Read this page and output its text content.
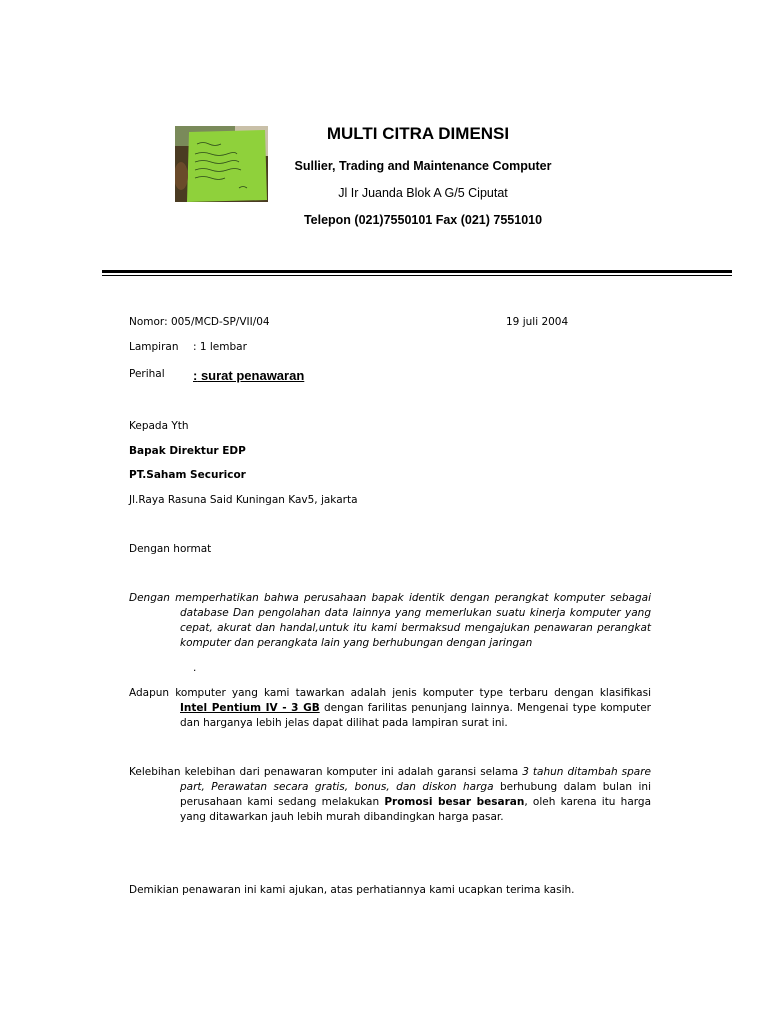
MULTI CITRA DIMENSI
Sullier, Trading and Maintenance Computer
Jl Ir Juanda Blok A G/5 Ciputat
Telepon (021)7550101 Fax (021) 7551010
Nomor: 005/MCD-SP/VII/04	19 juli 2004
Lampiran : 1 lembar
Perihal : surat penawaran
Kepada Yth
Bapak Direktur EDP
PT.Saham Securicor
Jl.Raya Rasuna Said Kuningan Kav5, jakarta
Dengan hormat
Dengan memperhatikan bahwa perusahaan bapak identik dengan perangkat komputer sebagai
database Dan pengolahan data lainnya yang memerlukan suatu kinerja komputer yang cepat, akurat dan handal,untuk itu kami bermaksud mengajukan penawaran perangkat komputer dan perangkata lain yang berhubungan dengan jaringan
.
Adapun komputer yang kami tawarkan adalah jenis komputer type terbaru dengan klasifikasi Intel Pentium IV - 3 GB dengan farilitas penunjang lainnya. Mengenai type komputer dan harganya lebih jelas dapat dilihat pada lampiran surat ini.
Kelebihan kelebihan dari penawaran komputer ini adalah garansi selama 3 tahun ditambah spare part, Perawatan secara gratis, bonus, dan diskon harga berhubung dalam bulan ini perusahaan kami sedang melakukan Promosi besar besaran, oleh karena itu harga yang ditawarkan jauh lebih murah dibandingkan harga pasar.
Demikian penawaran ini kami ajukan, atas perhatiannya kami ucapkan terima kasih.
